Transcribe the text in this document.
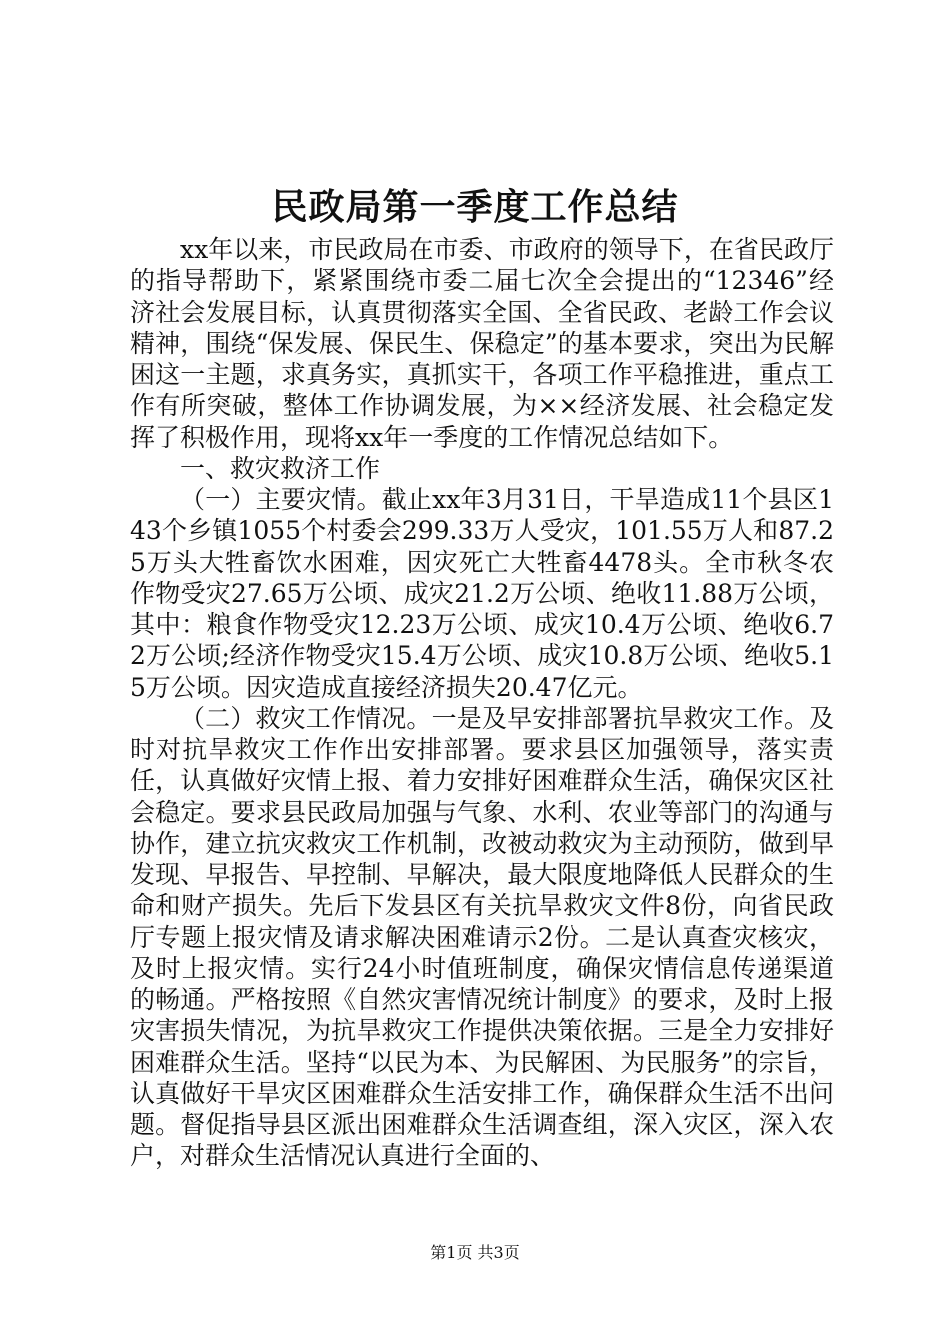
民政局第一季度工作总结

xx年以来，市民政局在市委、市政府的领导下，在省民政厅的指导帮助下，紧紧围绕市委二届七次全会提出的“12346”经济社会发展目标，认真贯彻落实全国、全省民政、老龄工作会议精神，围绕“保发展、保民生、保稳定”的基本要求，突出为民解困这一主题，求真务实，真抓实干，各项工作平稳推进，重点工作有所突破，整体工作协调发展，为××经济发展、社会稳定发挥了积极作用，现将xx年一季度的工作情况总结如下。

一、救灾救济工作

（一）主要灾情。截止xx年3月31日，干旱造成11个县区143个乡镇1055个村委会299.33万人受灾，101.55万人和87.25万头大牲畜饮水困难，因灾死亡大牲畜4478头。全市秋冬农作物受灾27.65万公顷、成灾21.2万公顷、绝收11.88万公顷，其中：粮食作物受灾12.23万公顷、成灾10.4万公顷、绝收6.72万公顷;经济作物受灾15.4万公顷、成灾10.8万公顷、绝收5.15万公顷。因灾造成直接经济损失20.47亿元。

（二）救灾工作情况。一是及早安排部署抗旱救灾工作。及时对抗旱救灾工作作出安排部署。要求县区加强领导，落实责任，认真做好灾情上报、着力安排好困难群众生活，确保灾区社会稳定。要求县民政局加强与气象、水利、农业等部门的沟通与协作，建立抗灾救灾工作机制，改被动救灾为主动预防，做到早发现、早报告、早控制、早解决，最大限度地降低人民群众的生命和财产损失。先后下发县区有关抗旱救灾文件8份，向省民政厅专题上报灾情及请求解决困难请示2份。二是认真查灾核灾，及时上报灾情。实行24小时值班制度，确保灾情信息传递渠道的畅通。严格按照《自然灾害情况统计制度》的要求，及时上报灾害损失情况，为抗旱救灾工作提供决策依据。三是全力安排好困难群众生活。坚持“以民为本、为民解困、为民服务”的宗旨，认真做好干旱灾区困难群众生活安排工作，确保群众生活不出问题。督促指导县区派出困难群众生活调查组，深入灾区，深入农户，对群众生活情况认真进行全面的、

第1页 共3页
